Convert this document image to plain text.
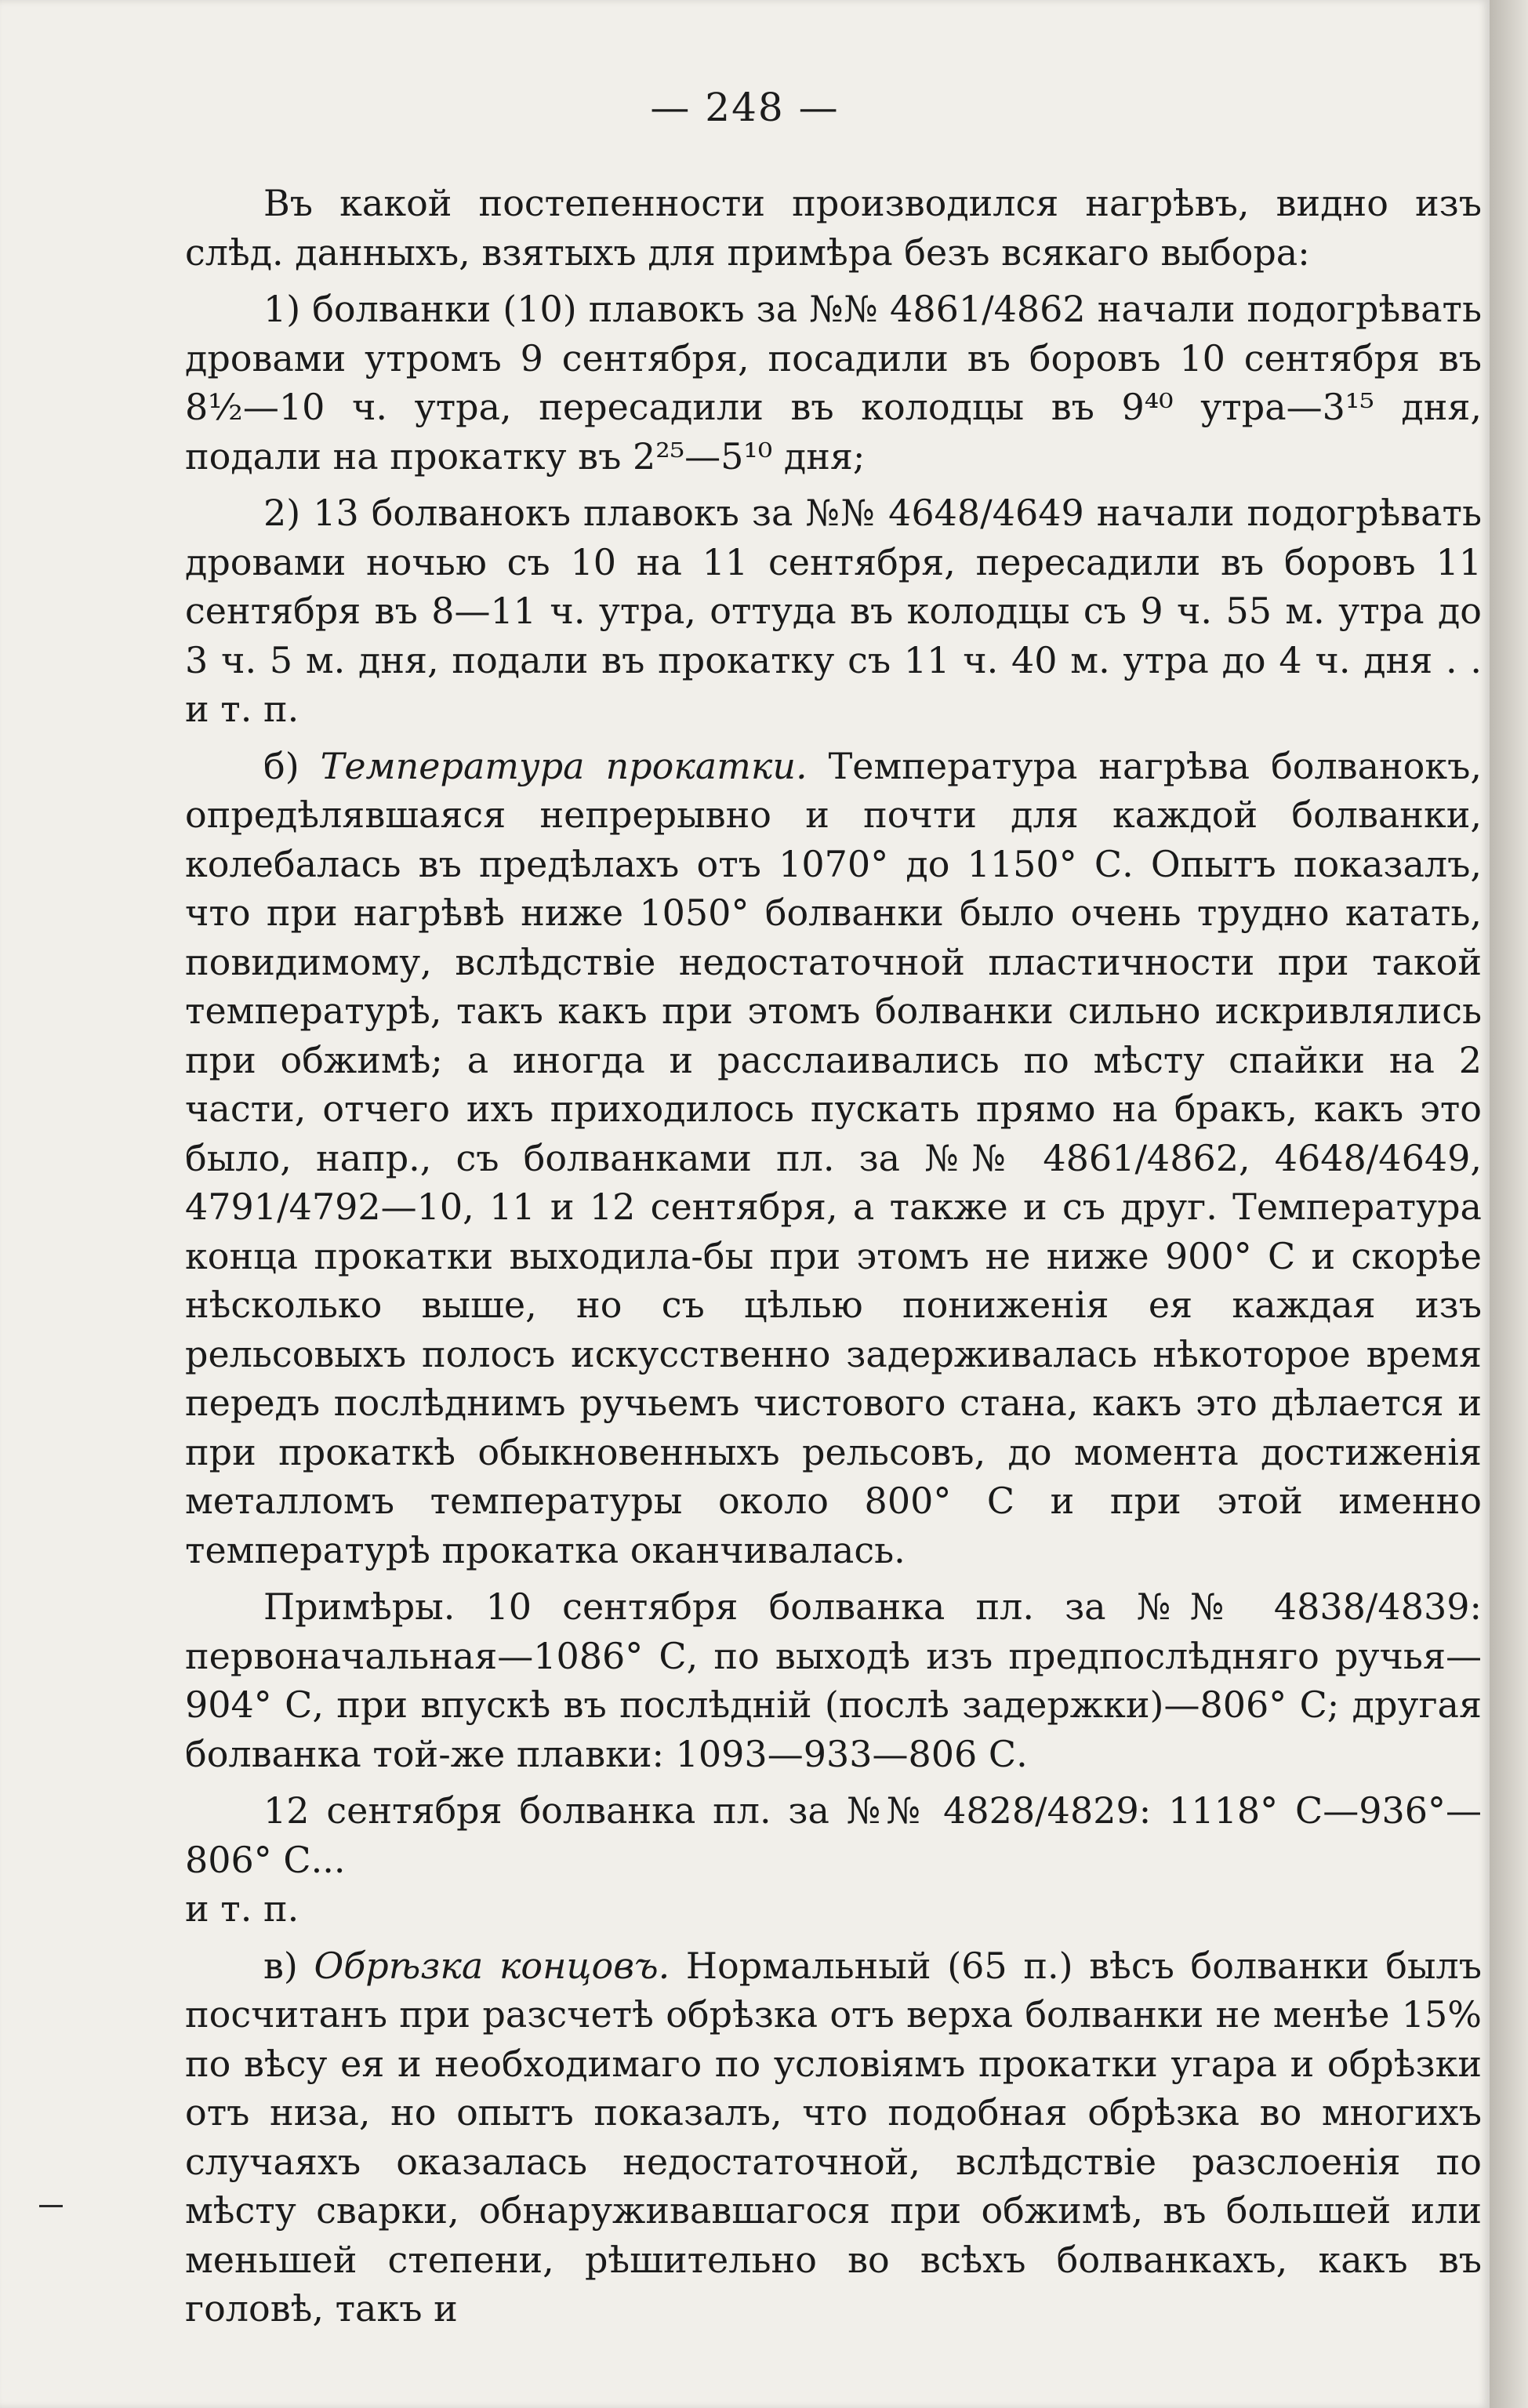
— 248 —

Въ какой постепенности производился нагрѣвъ, видно изъ слѣд. данныхъ, взятыхъ для примѣра безъ всякаго выбора:

1) болванки (10) плавокъ за №№ 4861/4862 начали подогрѣвать дровами утромъ 9 сентября, посадили въ боровъ 10 сентября въ 8½—10 ч. утра, пересадили въ колодцы въ 9⁴⁰ утра—3¹⁵ дня, подали на прокатку въ 2²⁵—5¹⁰ дня;

2) 13 болванокъ плавокъ за №№ 4648/4649 начали подогрѣвать дровами ночью съ 10 на 11 сентября, пересадили въ боровъ 11 сентября въ 8—11 ч. утра, оттуда въ колодцы съ 9 ч. 55 м. утра до 3 ч. 5 м. дня, подали въ прокатку съ 11 ч. 40 м. утра до 4 ч. дня . . и т. п.

б) Температура прокатки. Температура нагрѣва болванокъ, опредѣлявшаяся непрерывно и почти для каждой болванки, колебалась въ предѣлахъ отъ 1070° до 1150° С. Опытъ показалъ, что при нагрѣвѣ ниже 1050° болванки было очень трудно катать, повидимому, вслѣдствіе недостаточной пластичности при такой температурѣ, такъ какъ при этомъ болванки сильно искривлялись при обжимѣ; а иногда и расслаивались по мѣсту спайки на 2 части, отчего ихъ приходилось пускать прямо на бракъ, какъ это было, напр., съ болванками пл. за №№ 4861/4862, 4648/4649, 4791/4792—10, 11 и 12 сентября, а также и съ друг. Температура конца прокатки выходила-бы при этомъ не ниже 900° С и скорѣе нѣсколько выше, но съ цѣлью пониженія ея каждая изъ рельсовыхъ полосъ искусственно задерживалась нѣкоторое время передъ послѣднимъ ручьемъ чистового стана, какъ это дѣлается и при прокаткѣ обыкновенныхъ рельсовъ, до момента достиженія металломъ температуры около 800° С и при этой именно температурѣ прокатка оканчивалась.

Примѣры. 10 сентября болванка пл. за №№ 4838/4839: первоначальная—1086° С, по выходѣ изъ предпослѣдняго ручья—904° С, при впускѣ въ послѣдній (послѣ задержки)—806° С; другая болванка той-же плавки: 1093—933—806 С.

12 сентября болванка пл. за №№ 4828/4829: 1118° С—936°—806° С...

и т. п.

в) Обрѣзка концовъ. Нормальный (65 п.) вѣсъ болванки былъ посчитанъ при разсчетѣ обрѣзка отъ верха болванки не менѣе 15% по вѣсу ея и необходимаго по условіямъ прокатки угара и обрѣзки отъ низа, но опытъ показалъ, что подобная обрѣзка во многихъ случаяхъ оказалась недостаточной, вслѣдствіе разслоенія по мѣсту сварки, обнаруживавшагося при обжимѣ, въ большей или меньшей степени, рѣшительно во всѣхъ болванкахъ, какъ въ головѣ, такъ и
